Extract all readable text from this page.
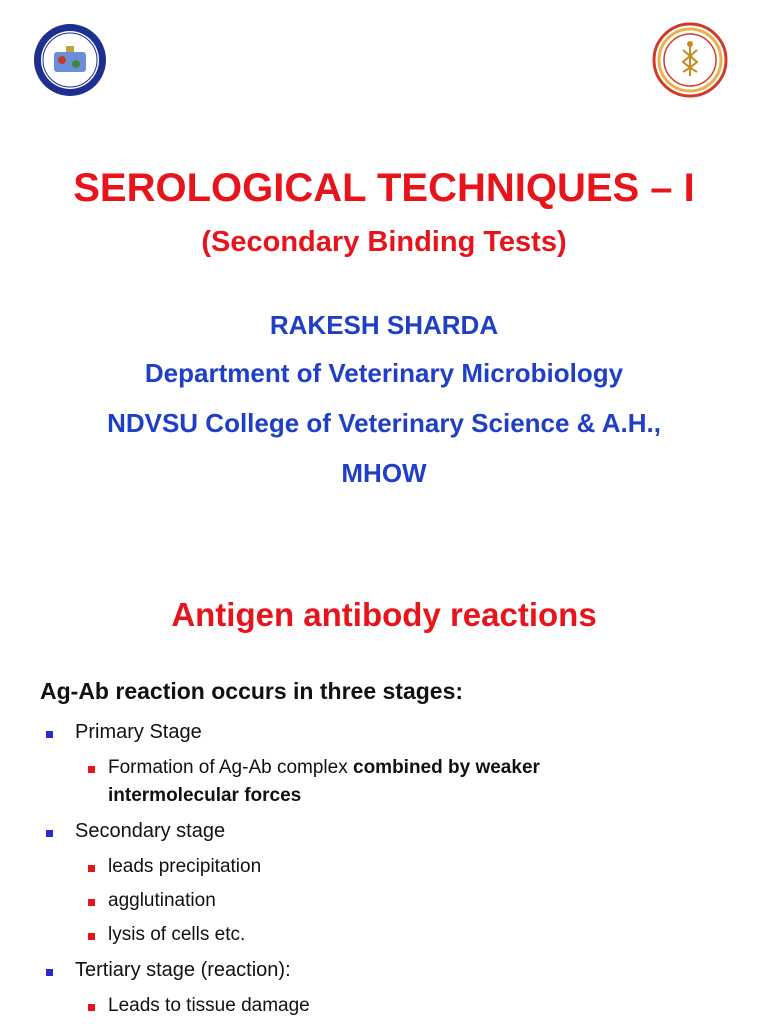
SEROLOGICAL TECHNIQUES – I
(Secondary Binding Tests)
RAKESH SHARDA
Department of Veterinary Microbiology
NDVSU College of Veterinary Science & A.H.,
MHOW
Antigen antibody reactions
Ag-Ab reaction occurs in three stages:
Primary Stage
Formation of Ag-Ab complex combined by weaker
intermolecular forces
Secondary stage
leads precipitation
agglutination
lysis of cells etc.
Tertiary stage (reaction):
Leads to tissue damage
